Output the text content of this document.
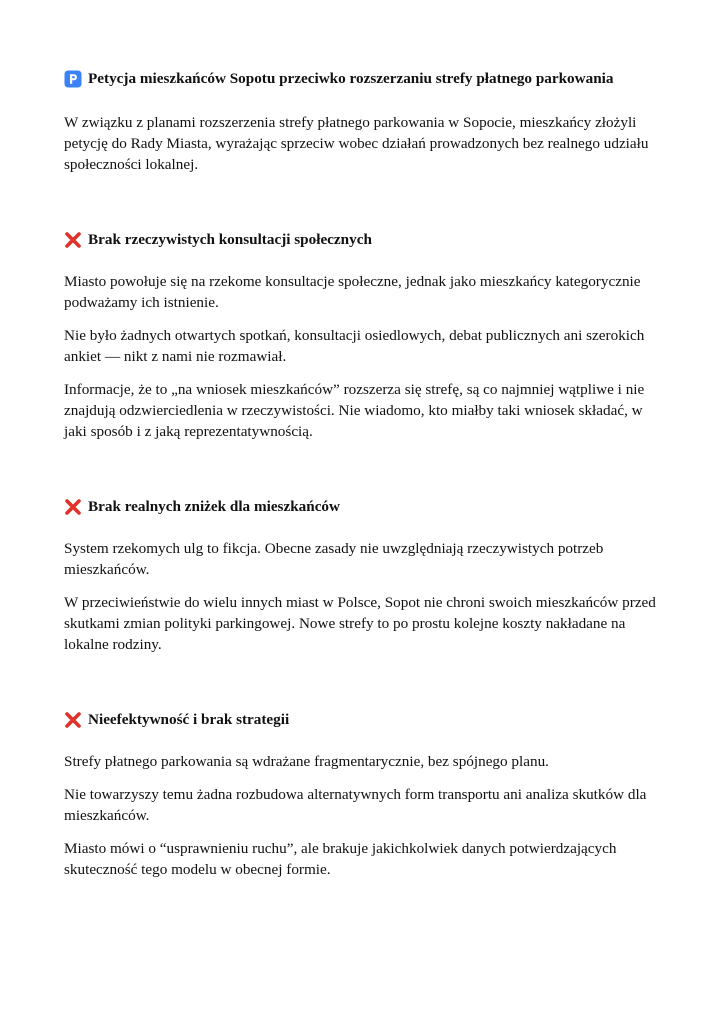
Petycja mieszkańców Sopotu przeciwko rozszerzaniu strefy płatnego parkowania

W związku z planami rozszerzenia strefy płatnego parkowania w Sopocie, mieszkańcy złożyli petycję do Rady Miasta, wyrażając sprzeciw wobec działań prowadzonych bez realnego udziału społeczności lokalnej.

Brak rzeczywistych konsultacji społecznych

Miasto powołuje się na rzekome konsultacje społeczne, jednak jako mieszkańcy kategorycznie podważamy ich istnienie.

Nie było żadnych otwartych spotkań, konsultacji osiedlowych, debat publicznych ani szerokich ankiet — nikt z nami nie rozmawiał.

Informacje, że to „na wniosek mieszkańców” rozszerza się strefę, są co najmniej wątpliwe i nie znajdują odzwierciedlenia w rzeczywistości. Nie wiadomo, kto miałby taki wniosek składać, w jaki sposób i z jaką reprezentatywnością.

Brak realnych zniżek dla mieszkańców

System rzekomych ulg to fikcja. Obecne zasady nie uwzględniają rzeczywistych potrzeb mieszkańców.

W przeciwieństwie do wielu innych miast w Polsce, Sopot nie chroni swoich mieszkańców przed skutkami zmian polityki parkingowej. Nowe strefy to po prostu kolejne koszty nakładane na lokalne rodziny.

Nieefektywność i brak strategii

Strefy płatnego parkowania są wdrażane fragmentarycznie, bez spójnego planu.

Nie towarzyszy temu żadna rozbudowa alternatywnych form transportu ani analiza skutków dla mieszkańców.

Miasto mówi o “usprawnieniu ruchu”, ale brakuje jakichkolwiek danych potwierdzających skuteczność tego modelu w obecnej formie.
